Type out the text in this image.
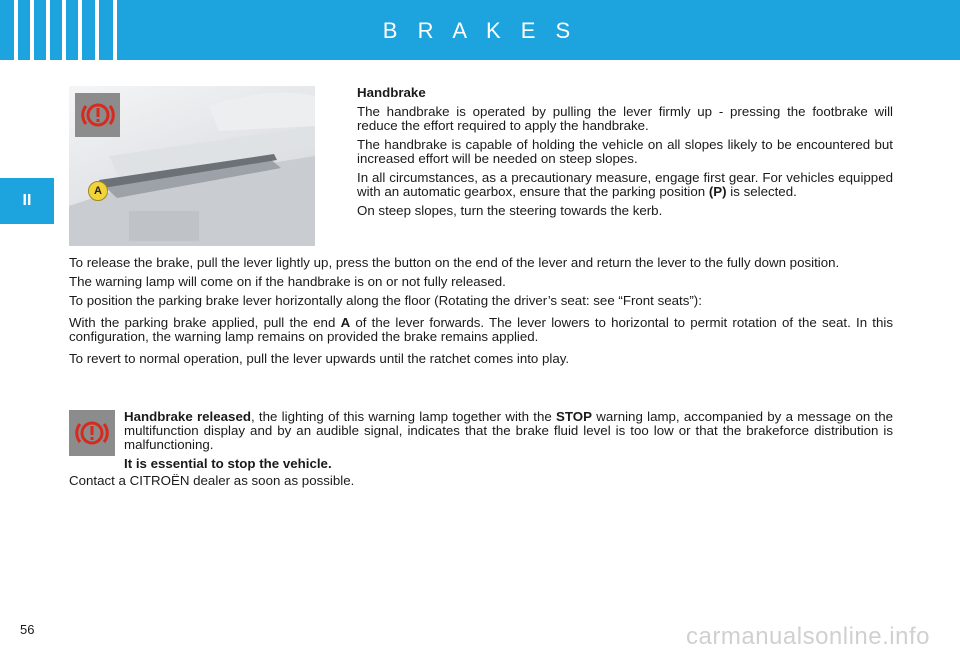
B R A K E S
II
A

Handbrake

The handbrake is operated by pulling the lever firmly up - pressing the footbrake will reduce the effort required to apply the handbrake.

The handbrake is capable of holding the vehicle on all slopes likely to be encountered but increased effort will be needed on steep slopes.

In all circumstances, as a precautionary measure, engage first gear. For vehicles equipped with an automatic gearbox, ensure that the parking position (P) is selected.

On steep slopes, turn the steering towards the kerb.

To release the brake, pull the lever lightly up, press the button on the end of the lever and return the lever to the fully down position.

The warning lamp will come on if the handbrake is on or not fully released.

To position the parking brake lever horizontally along the floor (Rotating the driver’s seat: see “Front seats”):

With the parking brake applied, pull the end A of the lever forwards. The lever lowers to horizontal to permit rotation of the seat. In this configuration, the warning lamp remains on provided the brake remains applied.

To revert to normal operation, pull the lever upwards until the ratchet comes into play.

Handbrake released, the lighting of this warning lamp together with the STOP warning lamp, accompanied by a message on the multifunction display and by an audible signal, indicates that the brake fluid level is too low or that the brakeforce distribution is malfunctioning.

It is essential to stop the vehicle.

Contact a CITROËN dealer as soon as possible.
56	carmanualsonline.info
